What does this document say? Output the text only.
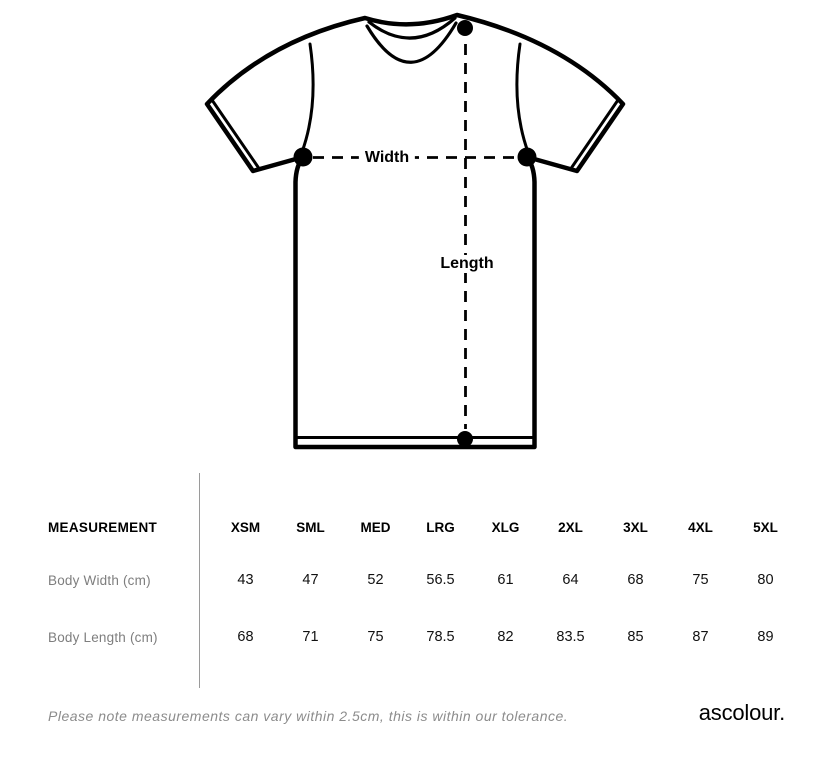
Width
Length
MEASUREMENT	XSM	SML	MED	LRG	XLG	2XL	3XL	4XL	5XL
Body Width (cm)	43	47	52	56.5	61	64	68	75	80
Body Length (cm)	68	71	75	78.5	82	83.5	85	87	89
Please note measurements can vary within 2.5cm, this is within our tolerance.	ascolour.
